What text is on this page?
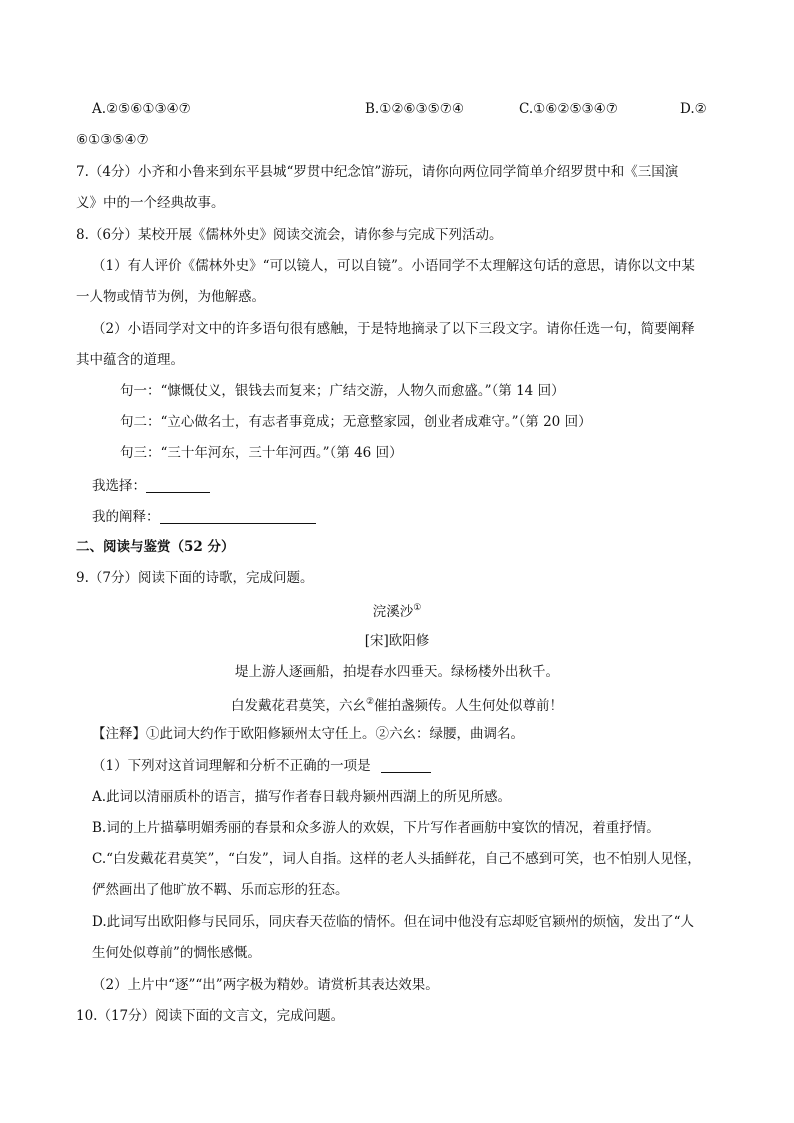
A.②⑤⑥①③④⑦	B.①②⑥③⑤⑦④	C.①⑥②⑤③④⑦	D.②
⑥①③⑤④⑦
7.（4分）小齐和小鲁来到东平县城“罗贯中纪念馆”游玩，请你向两位同学简单介绍罗贯中和《三国演
义》中的一个经典故事。
8.（6分）某校开展《儒林外史》阅读交流会，请你参与完成下列活动。
（1）有人评价《儒林外史》“可以镜人，可以自镜”。小语同学不太理解这句话的意思，请你以文中某
一人物或情节为例，为他解惑。
（2）小语同学对文中的许多语句很有感触，于是特地摘录了以下三段文字。请你任选一句，简要阐释
其中蕴含的道理。
句一：“慷慨仗义，银钱去而复来；广结交游，人物久而愈盛。”（第 14 回）
句二：“立心做名士，有志者事竟成；无意整家园，创业者成难守。”（第 20 回）
句三：“三十年河东，三十年河西。”（第 46 回）
我选择：
我的阐释：
二、阅读与鉴赏（52 分）
9.（7分）阅读下面的诗歌，完成问题。
浣溪沙①
[宋]欧阳修
堤上游人逐画船，拍堤春水四垂天。绿杨楼外出秋千。
白发戴花君莫笑，六幺②催拍盏频传。人生何处似尊前！
【注释】①此词大约作于欧阳修颍州太守任上。②六幺：绿腰，曲调名。
（1）下列对这首词理解和分析不正确的一项是
A.此词以清丽质朴的语言，描写作者春日载舟颍州西湖上的所见所感。
B.词的上片描摹明媚秀丽的春景和众多游人的欢娱，下片写作者画舫中宴饮的情况，着重抒情。
C.“白发戴花君莫笑”，“白发”，词人自指。这样的老人头插鲜花，自己不感到可笑，也不怕别人见怪，
俨然画出了他旷放不羁、乐而忘形的狂态。
D.此词写出欧阳修与民同乐，同庆春天莅临的情怀。但在词中他没有忘却贬官颍州的烦恼，发出了“人
生何处似尊前”的惆怅感慨。
（2）上片中“逐”“出”两字极为精妙。请赏析其表达效果。
10.（17分）阅读下面的文言文，完成问题。
